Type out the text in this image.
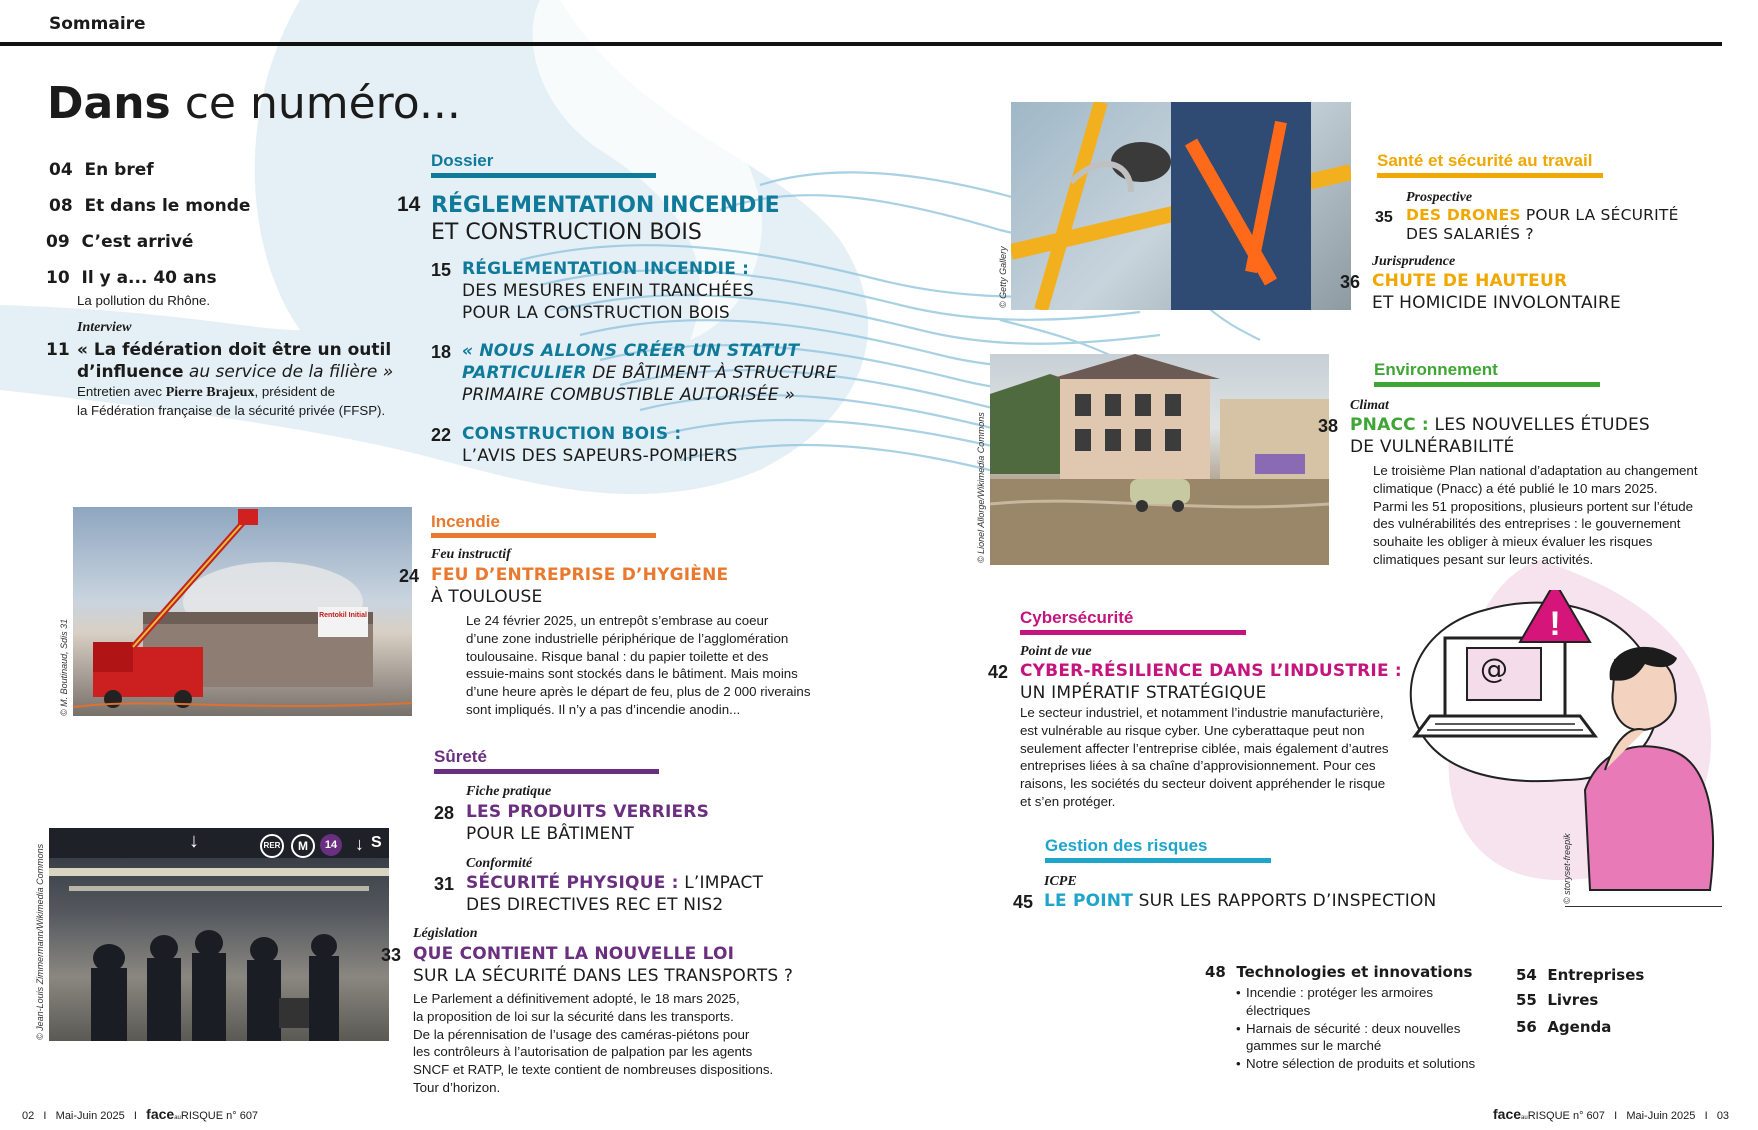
Sommaire
Dans ce numéro...
04 En bref
08 Et dans le monde
09 C’est arrivé
10 Il y a... 40 ans
La pollution du Rhône.
Interview
11 « La fédération doit être un outil
d’influence au service de la filière »
Entretien avec Pierre Brajeux, président de
la Fédération française de la sécurité privée (FFSP).
Dossier
14 RÉGLEMENTATION INCENDIE
ET CONSTRUCTION BOIS
15 RÉGLEMENTATION INCENDIE :
DES MESURES ENFIN TRANCHÉES
POUR LA CONSTRUCTION BOIS
18 « NOUS ALLONS CRÉER UN STATUT
PARTICULIER DE BÂTIMENT À STRUCTURE
PRIMAIRE COMBUSTIBLE AUTORISÉE »
22 CONSTRUCTION BOIS :
L’AVIS DES SAPEURS-POMPIERS
Rentokil Initial
© M. Boutinaud, Sdis 31
Incendie
Feu instructif
24 FEU D’ENTREPRISE D’HYGIÈNE
À TOULOUSE
Le 24 février 2025, un entrepôt s’embrase au coeur
d’une zone industrielle périphérique de l’agglomération
toulousaine. Risque banal : du papier toilette et des
essuie-mains sont stockés dans le bâtiment. Mais moins
d’une heure après le départ de feu, plus de 2 000 riverains
sont impliqués. Il n’y a pas d’incendie anodin...
Sûreté
Fiche pratique
28 LES PRODUITS VERRIERS
POUR LE BÂTIMENT
Conformité
31 SÉCURITÉ PHYSIQUE : L’IMPACT
DES DIRECTIVES REC ET NIS2
RER	M	14	S
↓	↓
© Jean-Louis Zimmermann/Wikimedia Commons	Législation
33 QUE CONTIENT LA NOUVELLE LOI
SUR LA SÉCURITÉ DANS LES TRANSPORTS ?
Le Parlement a définitivement adopté, le 18 mars 2025,
la proposition de loi sur la sécurité dans les transports.
De la pérennisation de l’usage des caméras-piétons pour
les contrôleurs à l’autorisation de palpation par les agents
SNCF et RATP, le texte contient de nombreuses dispositions.
Tour d’horizon.
© Getty Gallery
Santé et sécurité au travail
Prospective
35 DES DRONES POUR LA SÉCURITÉ
DES SALARIÉS ?
Jurisprudence
36 CHUTE DE HAUTEUR
ET HOMICIDE INVOLONTAIRE
© Lionel Allorge/Wikimedia Commons
Environnement
Climat
38 PNACC : LES NOUVELLES ÉTUDES
DE VULNÉRABILITÉ
Le troisième Plan national d’adaptation au changement
climatique (Pnacc) a été publié le 10 mars 2025.
Parmi les 51 propositions, plusieurs portent sur l’étude
des vulnérabilités des entreprises : le gouvernement
souhaite les obliger à mieux évaluer les risques
climatiques pesant sur leurs activités.
Cybersécurité
Point de vue
42 CYBER-RÉSILIENCE DANS L’INDUSTRIE :
UN IMPÉRATIF STRATÉGIQUE
Le secteur industriel, et notamment l’industrie manufacturière,
est vulnérable au risque cyber. Une cyberattaque peut non
seulement affecter l’entreprise ciblée, mais également d’autres
entreprises liées à sa chaîne d’approvisionnement. Pour ces
raisons, les sociétés du secteur doivent appréhender le risque
et s’en protéger.
!
@
© storyset-freepik
Gestion des risques
ICPE
45 LE POINT SUR LES RAPPORTS D’INSPECTION
48 Technologies et innovations
• Incendie : protéger les armoires
électriques
• Harnais de sécurité : deux nouvelles
gammes sur le marché
• Notre sélection de produits et solutions
54 Entreprises
55 Livres
56 Agenda
02 I Mai-Juin 2025 I faceauRISQUE n° 607	faceauRISQUE n° 607 I Mai-Juin 2025 I 03
